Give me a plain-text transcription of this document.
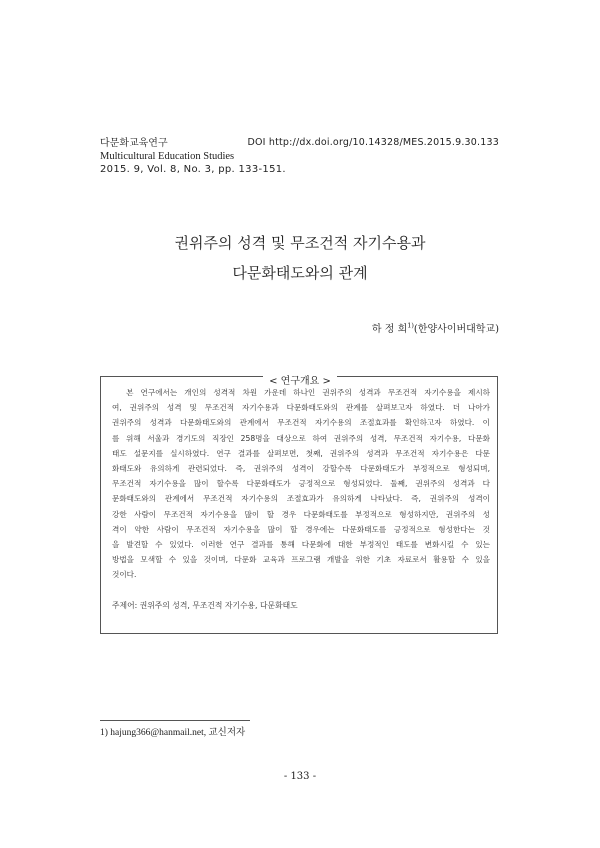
다문화교육연구
Multicultural Education Studies
2015. 9, Vol. 8, No. 3, pp. 133-151.
DOI http://dx.doi.org/10.14328/MES.2015.9.30.133
권위주의 성격 및 무조건적 자기수용과
다문화태도와의 관계
하 정 희$^{1)}$(한양사이버대학교)
< 연구개요 >
본 연구에서는 개인의 성격적 차원 가운데 하나인 권위주의 성격과 무조건적 자기수용을 제시하
여, 권위주의 성격 및 무조건적 자기수용과 다문화태도와의 관계를 살펴보고자 하였다. 더 나아가
권위주의 성격과 다문화태도와의 관계에서 무조건적 자기수용의 조절효과를 확인하고자 하였다. 이
를 위해 서울과 경기도의 직장인 258명을 대상으로 하여 권위주의 성격, 무조건적 자기수용, 다문화
태도 설문지를 실시하였다. 연구 결과를 살펴보면, 첫째, 권위주의 성격과 무조건적 자기수용은 다문
화태도와 유의하게 관련되었다. 즉, 권위주의 성격이 강할수록 다문화태도가 부정적으로 형성되며,
무조건적 자기수용을 많이 할수록 다문화태도가 긍정적으로 형성되었다. 둘째, 권위주의 성격과 다
문화태도와의 관계에서 무조건적 자기수용의 조절효과가 유의하게 나타났다. 즉, 권위주의 성격이
강한 사람이 무조건적 자기수용을 많이 할 경우 다문화태도를 부정적으로 형성하지만, 권위주의 성
격이 약한 사람이 무조건적 자기수용을 많이 할 경우에는 다문화태도를 긍정적으로 형성한다는 것
을 발견할 수 있었다. 이러한 연구 결과를 통해 다문화에 대한 부정적인 태도를 변화시킬 수 있는
방법을 모색할 수 있을 것이며, 다문화 교육과 프로그램 개발을 위한 기초 자료로서 활용할 수 있을
것이다.
주제어: 권위주의 성격, 무조건적 자기수용, 다문화태도
1) hajung366@hanmail.net, 교신저자
- 133 -
